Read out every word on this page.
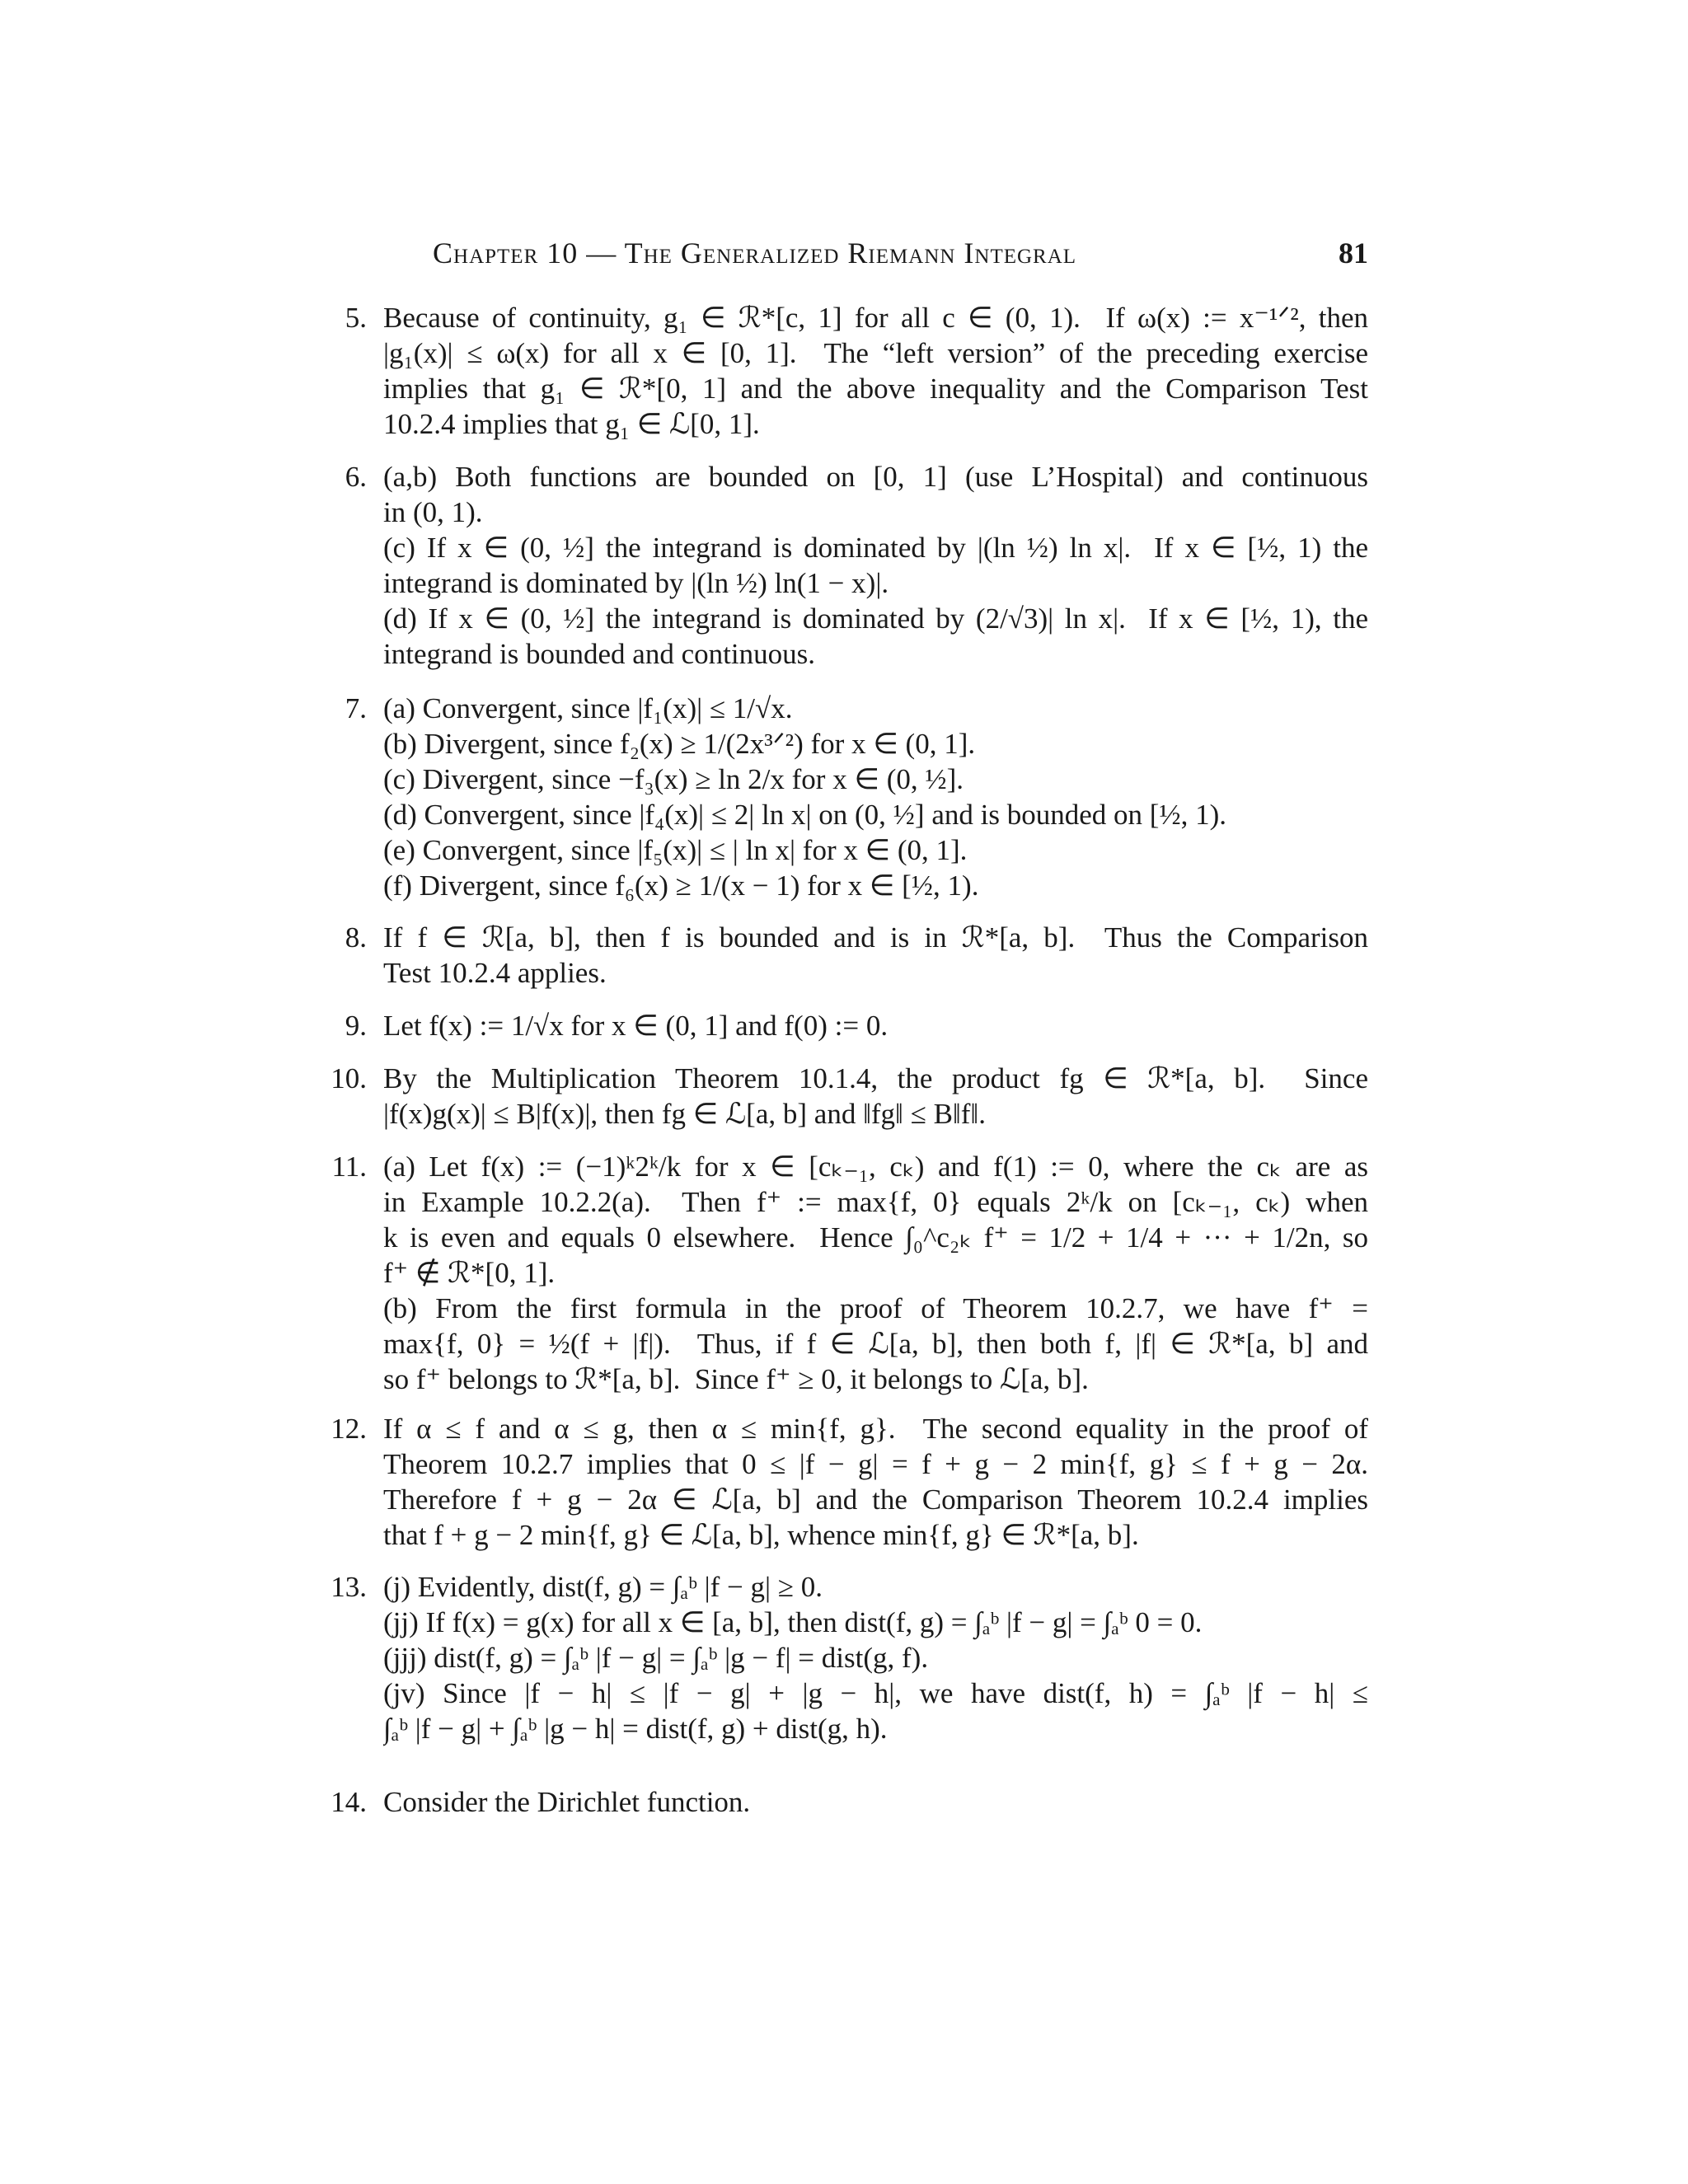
Chapter 10 — The Generalized Riemann Integral	81
5. Because of continuity, g₁ ∈ ℛ*[c, 1] for all c ∈ (0, 1).  If ω(x) := x⁻¹ᐟ², then
|g₁(x)| ≤ ω(x) for all x ∈ [0, 1].  The “left version” of the preceding exercise
implies that g₁ ∈ ℛ*[0, 1] and the above inequality and the Comparison Test
10.2.4 implies that g₁ ∈ ℒ[0, 1].
6. (a,b) Both functions are bounded on [0, 1] (use L’Hospital) and continuous
in (0, 1).
(c) If x ∈ (0, ½] the integrand is dominated by |(ln ½) ln x|.  If x ∈ [½, 1) the
integrand is dominated by |(ln ½) ln(1 − x)|.
(d) If x ∈ (0, ½] the integrand is dominated by (2/√3)| ln x|.  If x ∈ [½, 1), the
integrand is bounded and continuous.
7. (a) Convergent, since |f₁(x)| ≤ 1/√x.
(b) Divergent, since f₂(x) ≥ 1/(2x³ᐟ²) for x ∈ (0, 1].
(c) Divergent, since −f₃(x) ≥ ln 2/x for x ∈ (0, ½].
(d) Convergent, since |f₄(x)| ≤ 2| ln x| on (0, ½] and is bounded on [½, 1).
(e) Convergent, since |f₅(x)| ≤ | ln x| for x ∈ (0, 1].
(f) Divergent, since f₆(x) ≥ 1/(x − 1) for x ∈ [½, 1).
8. If f ∈ ℛ[a, b], then f is bounded and is in ℛ*[a, b].  Thus the Comparison
Test 10.2.4 applies.
9. Let f(x) := 1/√x for x ∈ (0, 1] and f(0) := 0.
10. By the Multiplication Theorem 10.1.4, the product fg ∈ ℛ*[a, b].  Since
|f(x)g(x)| ≤ B|f(x)|, then fg ∈ ℒ[a, b] and ‖fg‖ ≤ B‖f‖.
11. (a) Let f(x) := (−1)ᵏ2ᵏ/k for x ∈ [cₖ₋₁, cₖ) and f(1) := 0, where the cₖ are as
in Example 10.2.2(a).  Then f⁺ := max{f, 0} equals 2ᵏ/k on [cₖ₋₁, cₖ) when
k is even and equals 0 elsewhere.  Hence ∫₀^c₂ₖ f⁺ = 1/2 + 1/4 + ··· + 1/2n, so
f⁺ ∉ ℛ*[0, 1].
(b) From the first formula in the proof of Theorem 10.2.7, we have f⁺ =
max{f, 0} = ½(f + |f|).  Thus, if f ∈ ℒ[a, b], then both f, |f| ∈ ℛ*[a, b] and
so f⁺ belongs to ℛ*[a, b].  Since f⁺ ≥ 0, it belongs to ℒ[a, b].
12. If α ≤ f and α ≤ g, then α ≤ min{f, g}.  The second equality in the proof of
Theorem 10.2.7 implies that 0 ≤ |f − g| = f + g − 2 min{f, g} ≤ f + g − 2α.
Therefore f + g − 2α ∈ ℒ[a, b] and the Comparison Theorem 10.2.4 implies
that f + g − 2 min{f, g} ∈ ℒ[a, b], whence min{f, g} ∈ ℛ*[a, b].
13. (j) Evidently, dist(f, g) = ∫ₐᵇ |f − g| ≥ 0.
(jj) If f(x) = g(x) for all x ∈ [a, b], then dist(f, g) = ∫ₐᵇ |f − g| = ∫ₐᵇ 0 = 0.
(jjj) dist(f, g) = ∫ₐᵇ |f − g| = ∫ₐᵇ |g − f| = dist(g, f).
(jv) Since |f − h| ≤ |f − g| + |g − h|, we have dist(f, h) = ∫ₐᵇ |f − h| ≤
∫ₐᵇ |f − g| + ∫ₐᵇ |g − h| = dist(f, g) + dist(g, h).
14. Consider the Dirichlet function.
